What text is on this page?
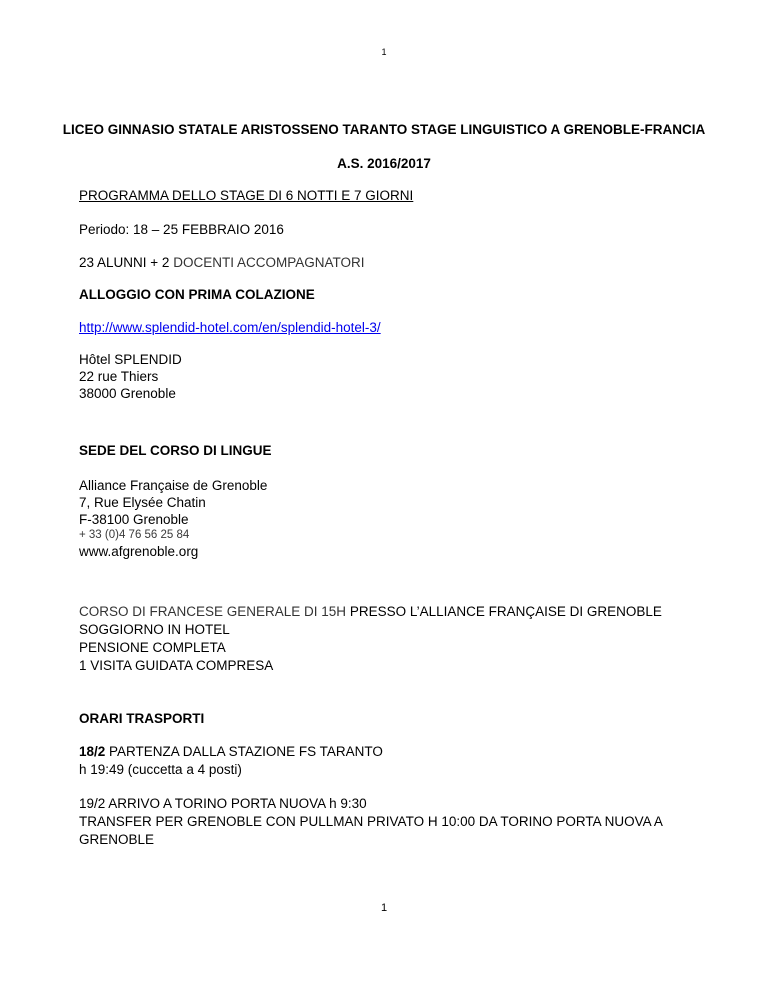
1
LICEO GINNASIO STATALE ARISTOSSENO TARANTO STAGE LINGUISTICO A GRENOBLE-FRANCIA
A.S. 2016/2017
PROGRAMMA DELLO STAGE DI 6 NOTTI E 7 GIORNI
Periodo: 18 – 25 FEBBRAIO 2016
23 ALUNNI + 2 DOCENTI ACCOMPAGNATORI
ALLOGGIO CON PRIMA COLAZIONE
http://www.splendid-hotel.com/en/splendid-hotel-3/
Hôtel SPLENDID
22 rue Thiers
38000 Grenoble
SEDE DEL CORSO DI LINGUE
Alliance Française de Grenoble
7, Rue Elysée Chatin
F-38100 Grenoble
+ 33 (0)4 76 56 25 84
www.afgrenoble.org
CORSO DI FRANCESE GENERALE DI 15H PRESSO L’ALLIANCE FRANÇAISE DI GRENOBLE
SOGGIORNO IN HOTEL
PENSIONE COMPLETA
1 VISITA GUIDATA COMPRESA
ORARI TRASPORTI
18/2 PARTENZA DALLA STAZIONE FS TARANTO
h 19:49 (cuccetta a 4 posti)
19/2 ARRIVO A TORINO PORTA NUOVA h 9:30
TRANSFER PER GRENOBLE CON PULLMAN PRIVATO H 10:00 DA TORINO PORTA NUOVA A
GRENOBLE
1
